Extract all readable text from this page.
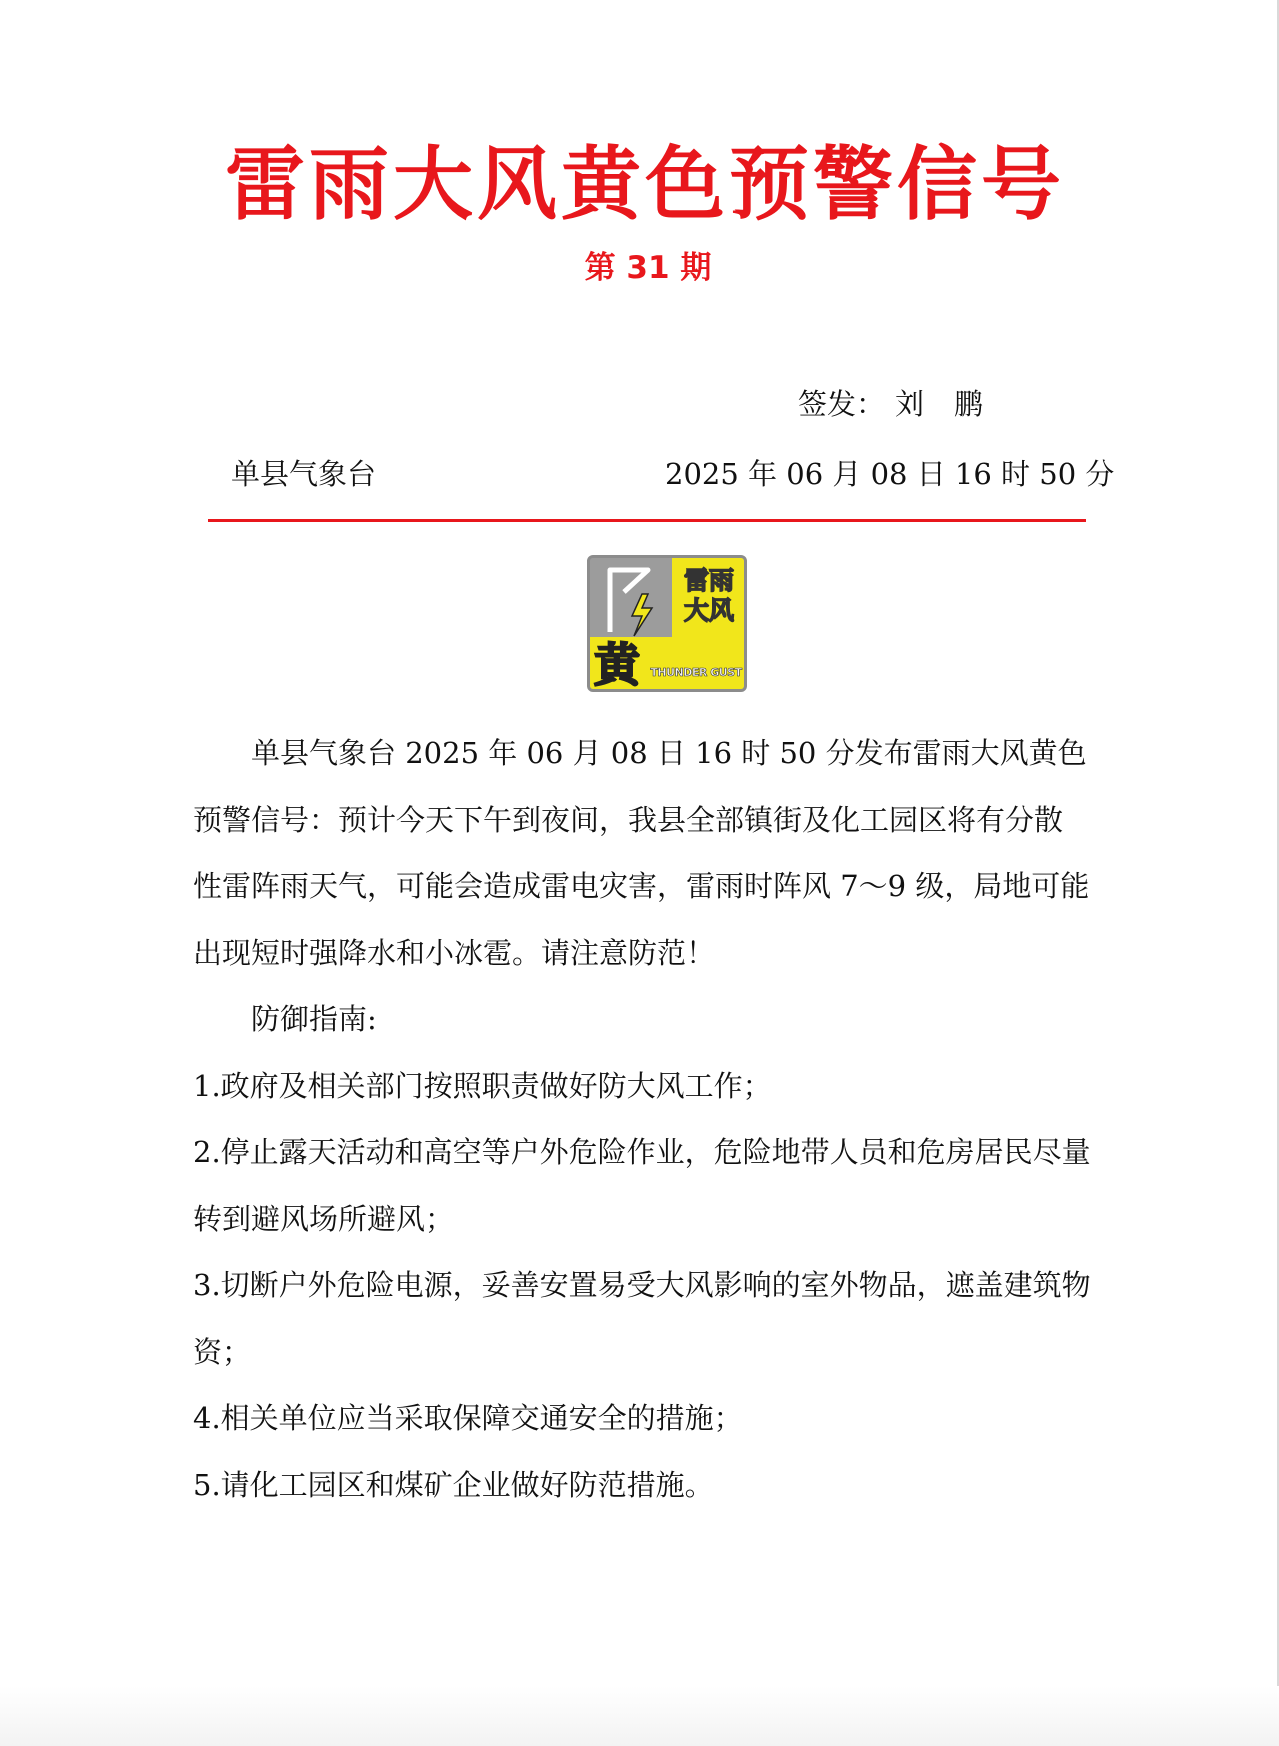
雷雨大风黄色预警信号
第 31 期
签发： 刘鹏
单县气象台	2025 年 06 月 08 日 16 时 50 分
雷雨
大风
黄 THUNDER GUST

单县气象台 2025 年 06 月 08 日 16 时 50 分发布雷雨大风黄色预警信号：预计今天下午到夜间，我县全部镇街及化工园区将有分散性雷阵雨天气，可能会造成雷电灾害，雷雨时阵风 7～9 级，局地可能出现短时强降水和小冰雹。请注意防范！

防御指南:

1.政府及相关部门按照职责做好防大风工作；

2.停止露天活动和高空等户外危险作业，危险地带人员和危房居民尽量转到避风场所避风；

3.切断户外危险电源，妥善安置易受大风影响的室外物品，遮盖建筑物资；

4.相关单位应当采取保障交通安全的措施；

5.请化工园区和煤矿企业做好防范措施。
